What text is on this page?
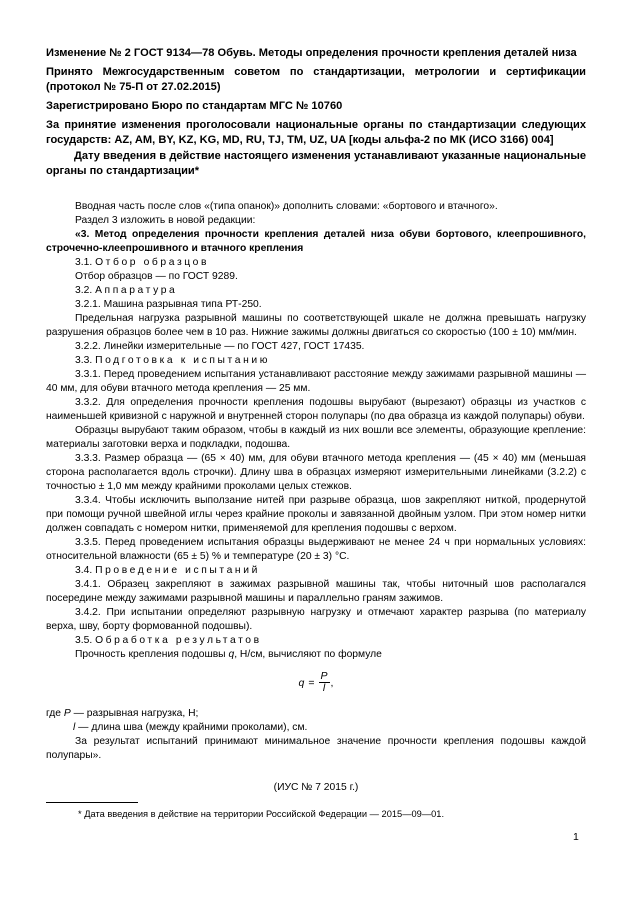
Изменение № 2 ГОСТ 9134—78 Обувь. Методы определения прочности крепления деталей низа

Принято Межгосударственным советом по стандартизации, метрологии и сертификации (протокол № 75-П от 27.02.2015)

Зарегистрировано Бюро по стандартам МГС № 10760

За принятие изменения проголосовали национальные органы по стандартизации следующих государств: AZ, AM, BY, KZ, KG, MD, RU, TJ, TM, UZ, UA [коды альфа-2 по МК (ИСО 3166) 004]

Дату введения в действие настоящего изменения устанавливают указанные национальные органы по стандартизации*

Вводная часть после слов «(типа опанок)» дополнить словами: «бортового и втачного».

Раздел 3 изложить в новой редакции:

«3. Метод определения прочности крепления деталей низа обуви бортового, клеепрошивного, строчечно-клеепрошивного и втачного крепления

3.1. Отбор образцов

Отбор образцов — по ГОСТ 9289.

3.2. Аппаратура

3.2.1. Машина разрывная типа РТ-250.

Предельная нагрузка разрывной машины по соответствующей шкале не должна превышать нагрузку разрушения образцов более чем в 10 раз. Нижние зажимы должны двигаться со скоростью (100 ± 10) мм/мин.

3.2.2. Линейки измерительные — по ГОСТ 427, ГОСТ 17435.

3.3. Подготовка к испытанию

3.3.1. Перед проведением испытания устанавливают расстояние между зажимами разрывной машины — 40 мм, для обуви втачного метода крепления — 25 мм.

3.3.2. Для определения прочности крепления подошвы вырубают (вырезают) образцы из участков с наименьшей кривизной с наружной и внутренней сторон полупары (по два образца из каждой полупары) обуви.

Образцы вырубают таким образом, чтобы в каждый из них вошли все элементы, образующие крепление: материалы заготовки верха и подкладки, подошва.

3.3.3. Размер образца — (65 × 40) мм, для обуви втачного метода крепления — (45 × 40) мм (меньшая сторона располагается вдоль строчки). Длину шва в образцах измеряют измерительными линейками (3.2.2) с точностью ± 1,0 мм между крайними проколами целых стежков.

3.3.4. Чтобы исключить выползание нитей при разрыве образца, шов закрепляют ниткой, продернутой при помощи ручной швейной иглы через крайние проколы и завязанной двойным узлом. При этом номер нитки должен совпадать с номером нитки, применяемой для крепления подошвы с верхом.

3.3.5. Перед проведением испытания образцы выдерживают не менее 24 ч при нормальных условиях: относительной влажности (65 ± 5) % и температуре (20 ± 3) °С.

3.4. Проведение испытаний

3.4.1. Образец закрепляют в зажимах разрывной машины так, чтобы ниточный шов располагался посередине между зажимами разрывной машины и параллельно граням зажимов.

3.4.2. При испытании определяют разрывную нагрузку и отмечают характер разрыва (по материалу верха, шву, борту формованной подошвы).

3.5. Обработка результатов

Прочность крепления подошвы q, Н/см, вычисляют по формуле

$q = \frac{P}{l}$ ,

где P — разрывная нагрузка, Н;

l — длина шва (между крайними проколами), см.

За результат испытаний принимают минимальное значение прочности крепления подошвы каждой полупары».

(ИУС № 7 2015 г.)

* Дата введения в действие на территории Российской Федерации — 2015—09—01.
1
